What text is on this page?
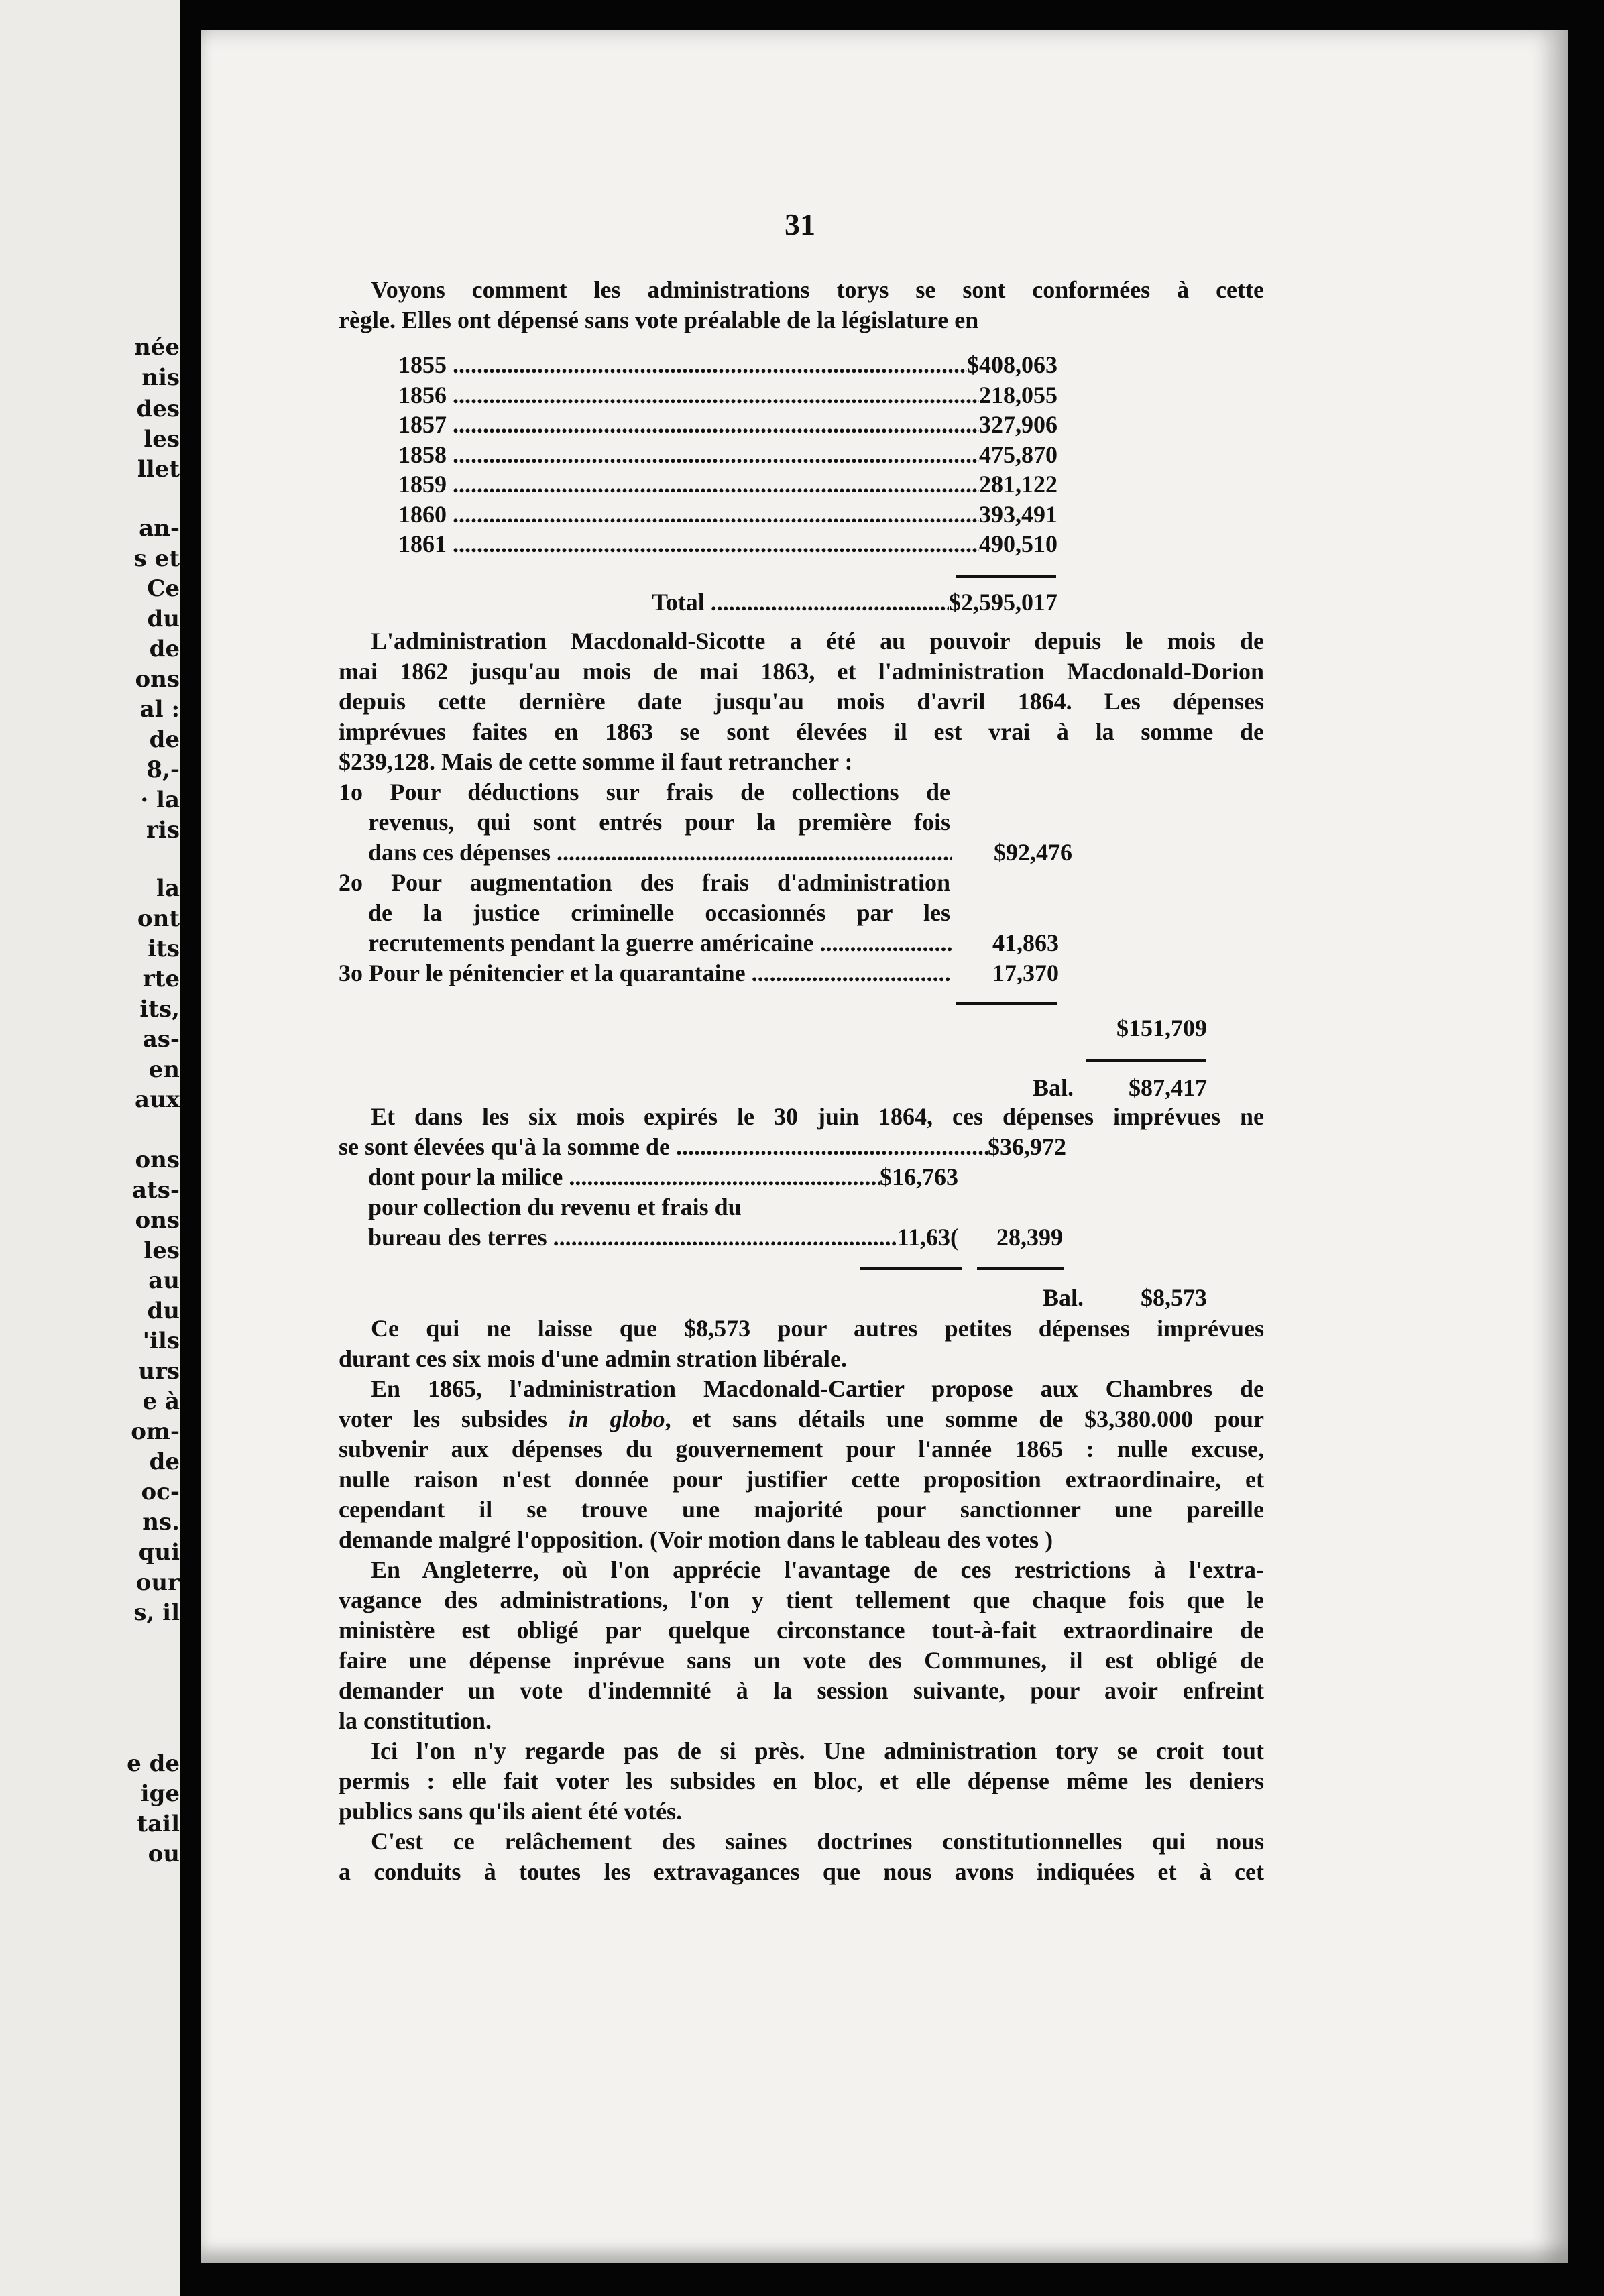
née
nis
des
les
llet
an-
s et
Ce
du
de
ons
al :
de
8,-
· la
ris
la
ont
its
rte
its,
as-
en
aux
ons
ats-
ons
les
au
du
'ils
urs
e à
om-
de
oc-
ns.
qui
our
s, il
e de
ige
tail
ou
31
Voyons comment les administrations torys se sont conformées à cette
règle. Elles ont dépensé sans vote préalable de la législature en
1855 .....	$408,063
1856 .....	218,055
1857 .....	327,906
1858 .....	475,870
1859 .....	281,122
1860 .....	393,491
1861 .....	490,510
Total .....	$2,595,017
L'administration Macdonald-Sicotte a été au pouvoir depuis le mois de
mai 1862 jusqu'au mois de mai 1863, et l'administration Macdonald-Dorion
depuis cette dernière date jusqu'au mois d'avril 1864. Les dépenses
imprévues faites en 1863 se sont élevées il est vrai à la somme de
$239,128. Mais de cette somme il faut retrancher :
1o Pour déductions sur frais de collections de
revenus, qui sont entrés pour la première fois
dans ces dépenses .....	$92,476
2o Pour augmentation des frais d'administration
de la justice criminelle occasionnés par les
recrutements pendant la guerre américaine .....	41,863
3o Pour le pénitencier et la quarantaine .....	17,370
$151,709
Bal. $87,417
Et dans les six mois expirés le 30 juin 1864, ces dépenses imprévues ne
se sont élevées qu'à la somme de .....	$36,972
dont pour la milice .....	$16,763
pour collection du revenu et frais du
bureau des terres .....	11,63( 28,399
Bal. $8,573
Ce qui ne laisse que $8,573 pour autres petites dépenses imprévues
durant ces six mois d'une admin stration libérale.
En 1865, l'administration Macdonald-Cartier propose aux Chambres de
voter les subsides in globo, et sans détails une somme de $3,380.000 pour
subvenir aux dépenses du gouvernement pour l'année 1865 : nulle excuse,
nulle raison n'est donnée pour justifier cette proposition extraordinaire, et
cependant il se trouve une majorité pour sanctionner une pareille
demande malgré l'opposition. (Voir motion dans le tableau des votes )
En Angleterre, où l'on apprécie l'avantage de ces restrictions à l'extra-
vagance des administrations, l'on y tient tellement que chaque fois que le
ministère est obligé par quelque circonstance tout-à-fait extraordinaire de
faire une dépense inprévue sans un vote des Communes, il est obligé de
demander un vote d'indemnité à la session suivante, pour avoir enfreint
la constitution.
Ici l'on n'y regarde pas de si près. Une administration tory se croit tout
permis : elle fait voter les subsides en bloc, et elle dépense même les deniers
publics sans qu'ils aient été votés.
C'est ce relâchement des saines doctrines constitutionnelles qui nous
a conduits à toutes les extravagances que nous avons indiquées et à cet
